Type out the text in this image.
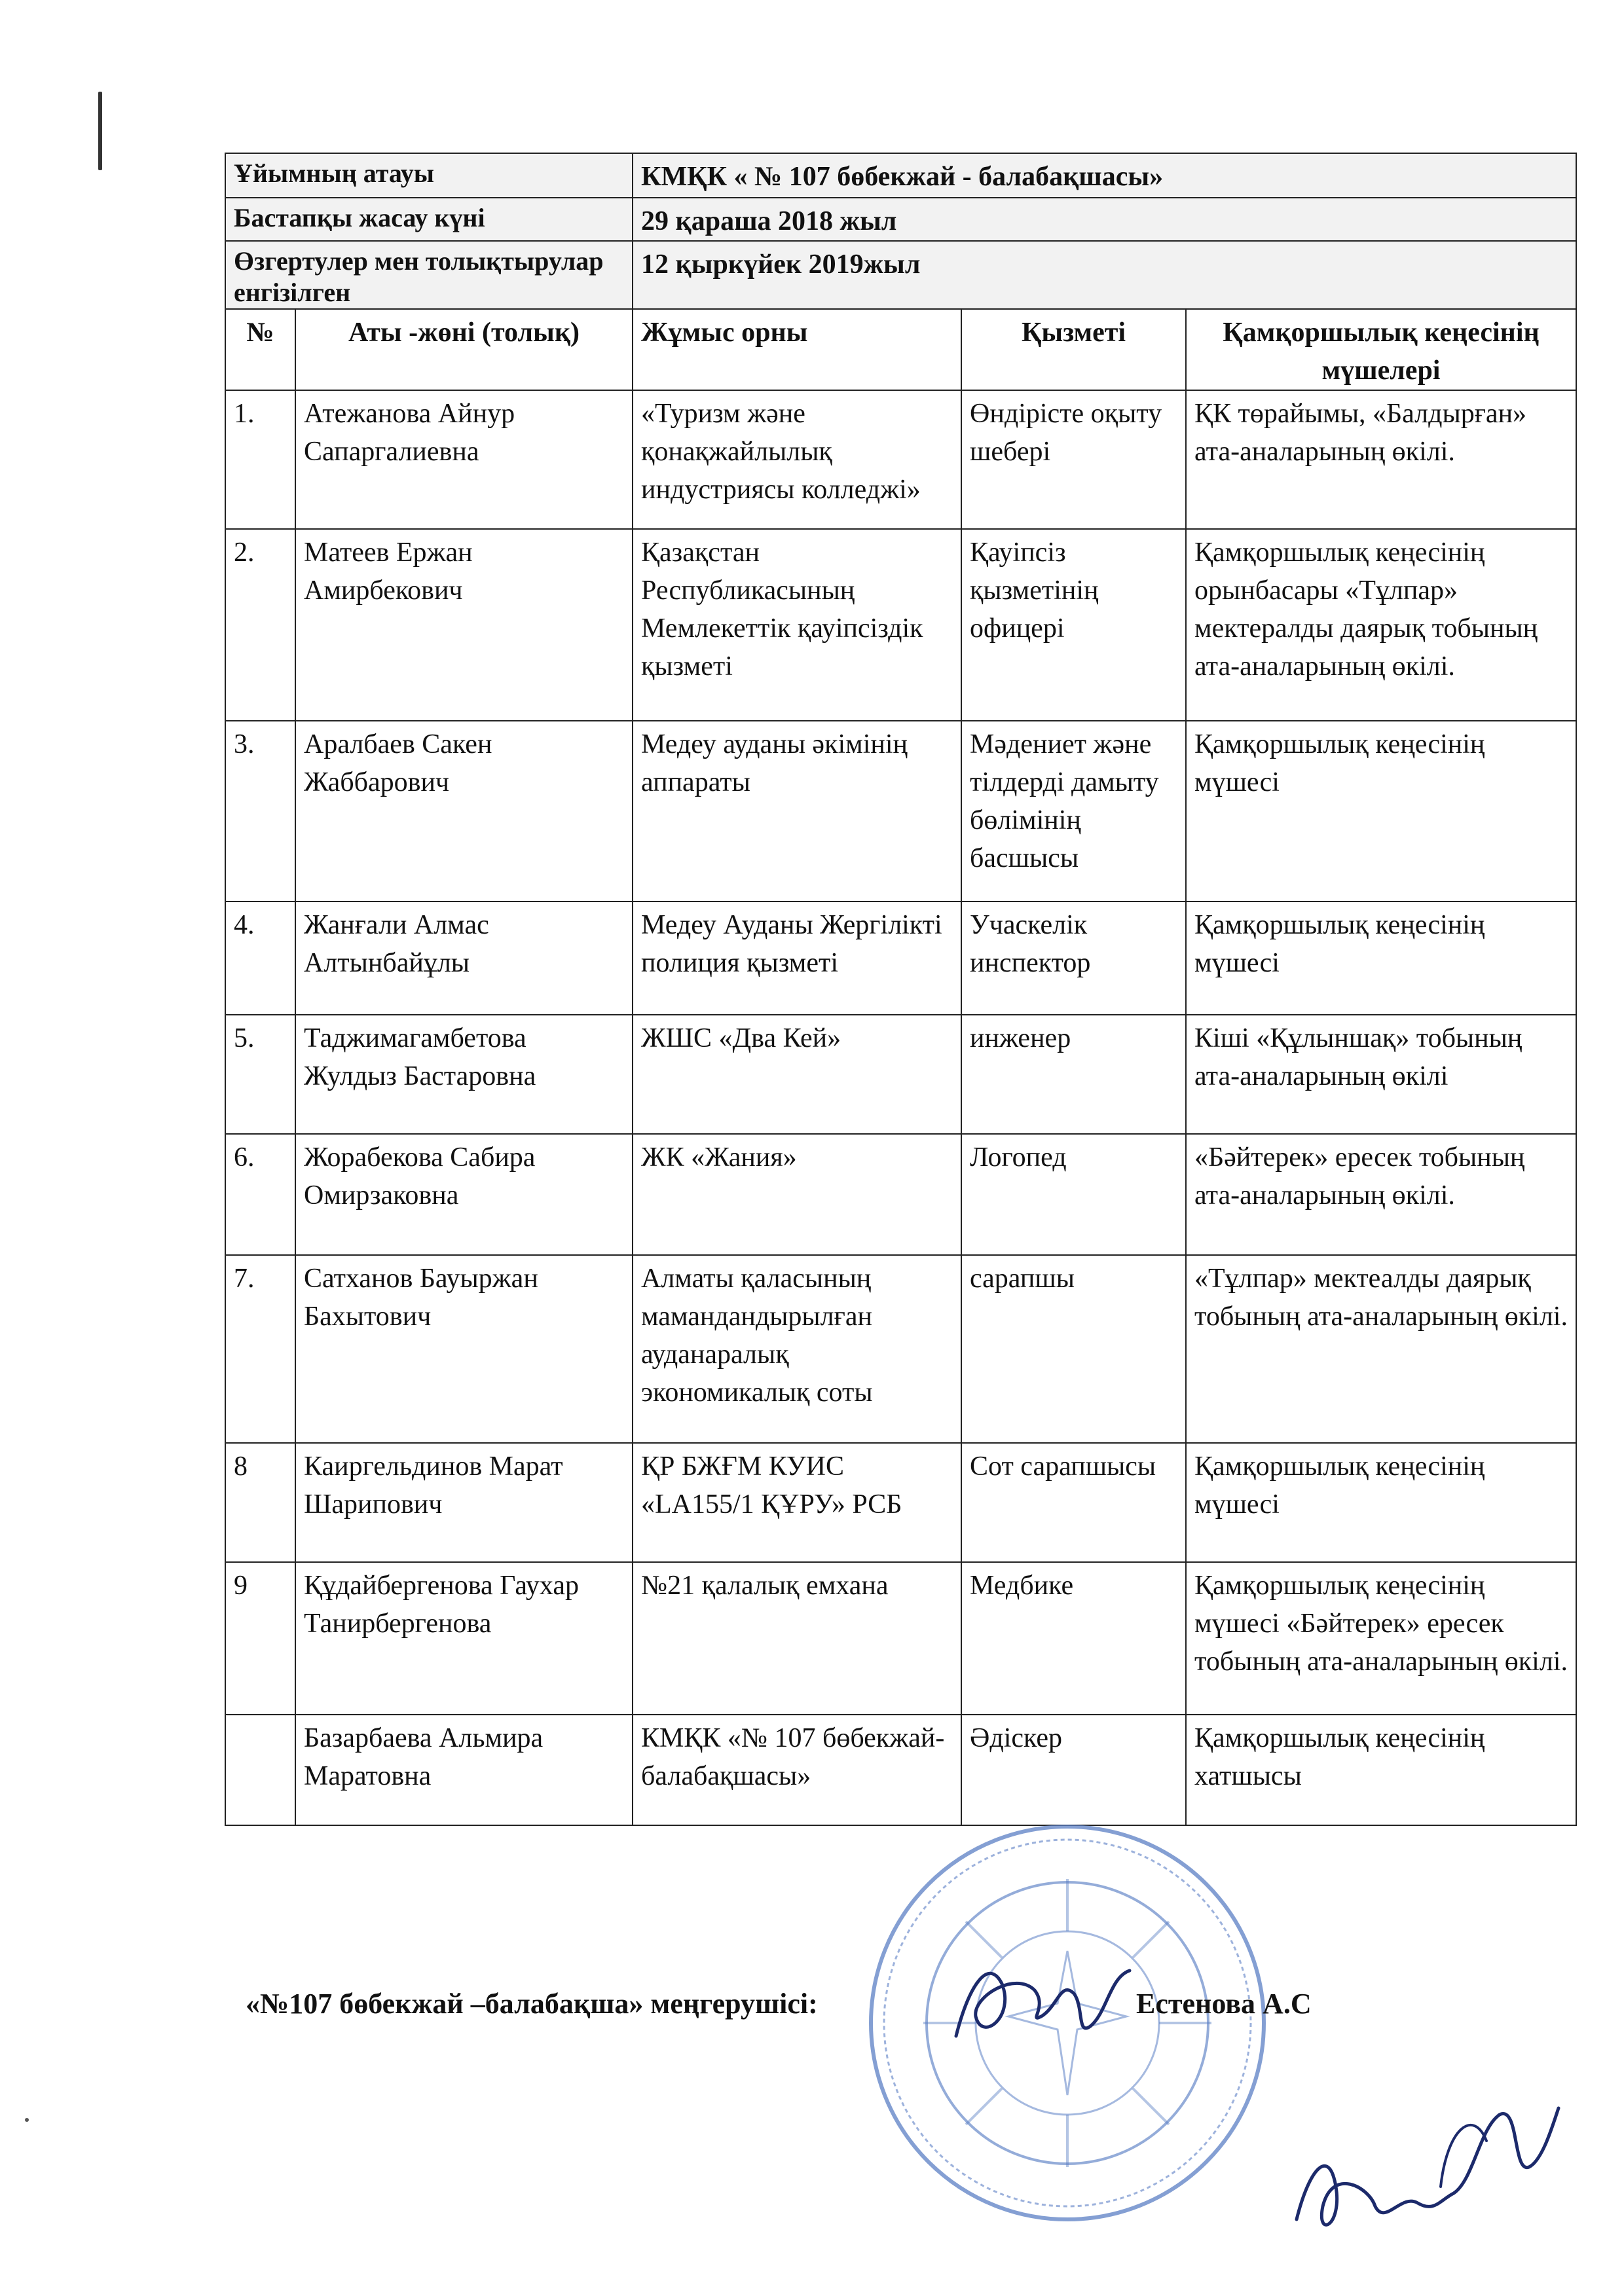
Ұйымның атауы		КМҚК « № 107 бөбекжай - балабақшасы»		
Бастапқы жасау күні		29 қараша 2018 жыл		
Өзгертулер мен толықтырулар енгізілген		12 қыркүйек 2019жыл		
№	Аты -жөні (толық)	Жұмыс орны	Қызметі	Қамқоршылық кеңесінің мүшелері
1.	Атежанова Айнур Сапаргалиевна	«Туризм және қонақжайлылық индустриясы колледжі»	Өндірісте оқыту шебері	ҚК төрайымы, «Балдырған» ата-аналарының өкілі.
2.	Матеев Ержан Амирбекович	Қазақстан Республикасының Мемлекеттік қауіпсіздік қызметі	Қауіпсіз қызметінің офицері	Қамқоршылық кеңесінің орынбасары «Тұлпар» мектералды даярық тобының ата-аналарының өкілі.
3.	Аралбаев Сакен Жаббарович	Медеу ауданы әкімінің аппараты	Мәдениет және тілдерді дамыту бөлімінің басшысы	Қамқоршылық кеңесінің мүшесі
4.	Жанғали Алмас Алтынбайұлы	Медеу Ауданы Жергілікті полиция қызметі	Учаскелік инспектор	Қамқоршылық кеңесінің мүшесі
5.	Таджимагамбетова Жулдыз Бастаровна	ЖШС «Два Кей»	инженер	Кіші «Құлыншақ» тобының ата-аналарының өкілі
6.	Жорабекова Сабира Омирзаковна	ЖК «Жания»	Логопед	«Бәйтерек» ересек тобының ата-аналарының өкілі.
7.	Сатханов Бауыржан Бахытович	Алматы қаласының мамандандырылған ауданаралық экономикалық соты	сарапшы	«Тұлпар» мектеалды даярық тобының ата-аналарының өкілі.
8	Каиргельдинов Марат Шарипович	ҚР БЖҒМ КУИС «LA155/1 ҚҰРУ» РСБ	Сот сарапшысы	Қамқоршылық кеңесінің мүшесі
9	Құдайбергенова Гаухар Танирбергенова	№21 қалалық емхана	Медбике	Қамқоршылық кеңесінің мүшесі «Бәйтерек» ересек тобының ата-аналарының өкілі.
	Базарбаева Альмира Маратовна	КМҚК «№ 107 бөбекжай-балабақшасы»	Әдіскер	Қамқоршылық кеңесінің хатшысы
«№107 бөбекжай –балабақша» меңгерушісі:	Естенова А.С
